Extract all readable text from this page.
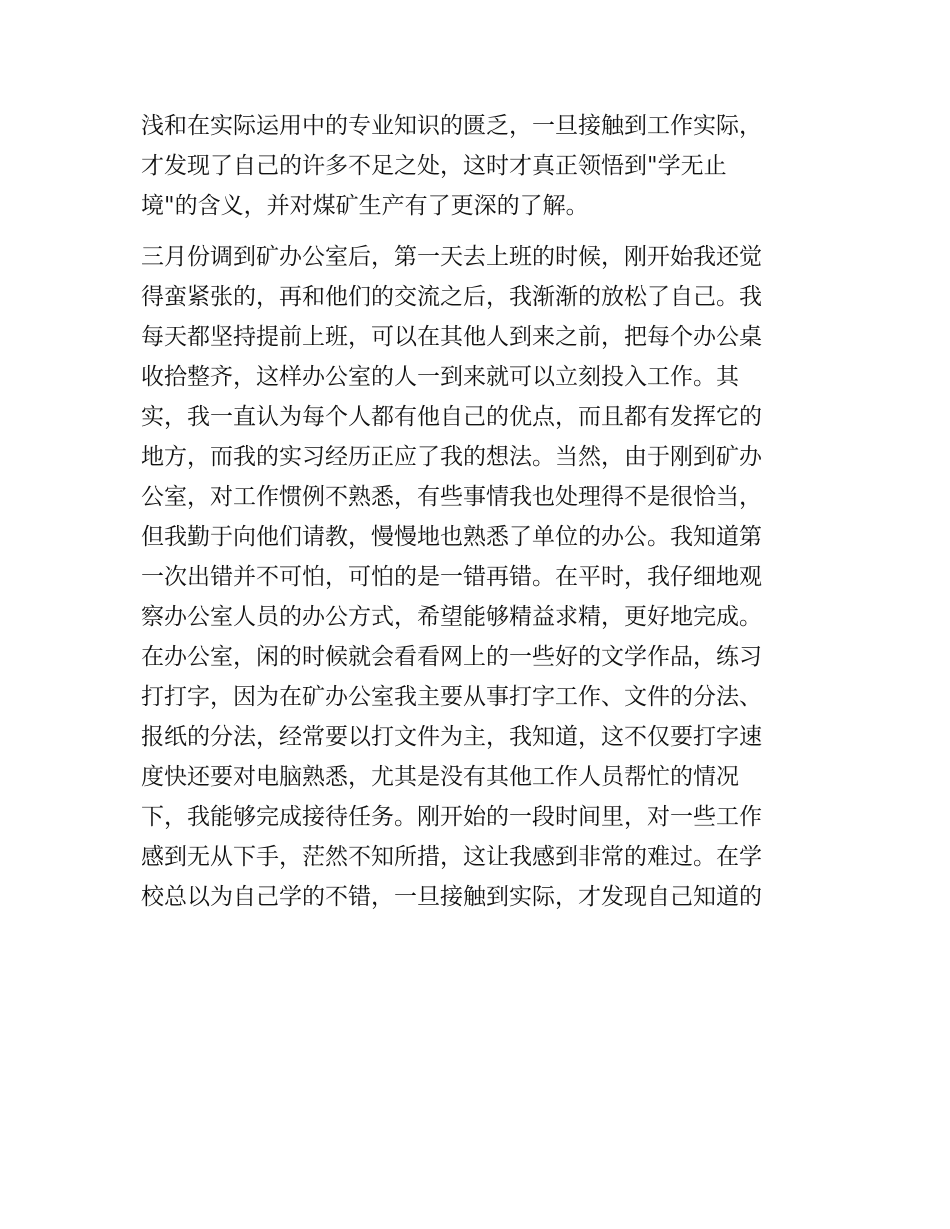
浅和在实际运用中的专业知识的匮乏，一旦接触到工作实际，
才发现了自己的许多不足之处，这时才真正领悟到"学无止
境"的含义，并对煤矿生产有了更深的了解。
三月份调到矿办公室后，第一天去上班的时候，刚开始我还觉
得蛮紧张的，再和他们的交流之后，我渐渐的放松了自己。我
每天都坚持提前上班，可以在其他人到来之前，把每个办公桌
收拾整齐，这样办公室的人一到来就可以立刻投入工作。其
实，我一直认为每个人都有他自己的优点，而且都有发挥它的
地方，而我的实习经历正应了我的想法。当然，由于刚到矿办
公室，对工作惯例不熟悉，有些事情我也处理得不是很恰当，
但我勤于向他们请教，慢慢地也熟悉了单位的办公。我知道第
一次出错并不可怕，可怕的是一错再错。在平时，我仔细地观
察办公室人员的办公方式，希望能够精益求精，更好地完成。
在办公室，闲的时候就会看看网上的一些好的文学作品，练习
打打字，因为在矿办公室我主要从事打字工作、文件的分法、
报纸的分法，经常要以打文件为主，我知道，这不仅要打字速
度快还要对电脑熟悉，尤其是没有其他工作人员帮忙的情况
下，我能够完成接待任务。刚开始的一段时间里，对一些工作
感到无从下手，茫然不知所措，这让我感到非常的难过。在学
校总以为自己学的不错，一旦接触到实际，才发现自己知道的
